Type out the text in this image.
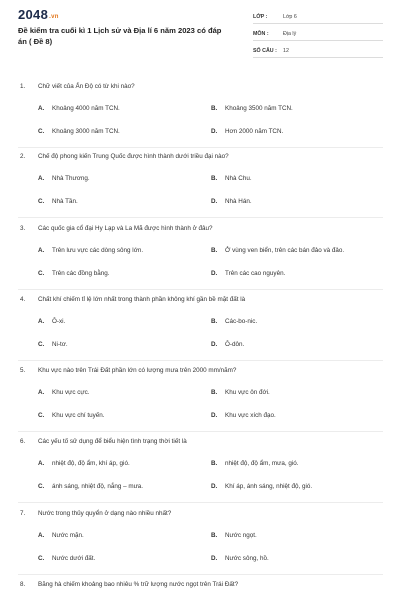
2048.vn
Đề kiểm tra cuối kì 1 Lịch sử và Địa lí 6 năm 2023 có đáp án ( Đề 8)
LỚP :	Lớp 6
MÔN :	Địa lý
SỐ CÂU :	12
1. Chữ viết của Ấn Độ có từ khi nào?
A. Khoảng 4000 năm TCN.	B. Khoảng 3500 năm TCN.
C. Khoảng 3000 năm TCN.	D. Hơn 2000 năm TCN.
2. Chế độ phong kiến Trung Quốc được hình thành dưới triều đại nào?
A. Nhà Thương.	B. Nhà Chu.
C. Nhà Tần.	D. Nhà Hán.
3. Các quốc gia cổ đại Hy Lạp và La Mã được hình thành ở đâu?
A. Trên lưu vực các dòng sông lớn.	B. Ở vùng ven biển, trên các bán đảo và đảo.
C. Trên các đồng bằng.	D. Trên các cao nguyên.
4. Chất khí chiếm tỉ lệ lớn nhất trong thành phần không khí gần bề mặt đất là
A. Ô-xi.	B. Các-bo-nic.
C. Ni-tơ.	D. Ô-dôn.
5. Khu vực nào trên Trái Đất phần lớn có lượng mưa trên 2000 mm/năm?
A. Khu vực cực.	B. Khu vực ôn đới.
C. Khu vực chí tuyến.	D. Khu vực xích đạo.
6. Các yếu tố sử dụng để biểu hiện tình trạng thời tiết là
A. nhiệt độ, độ ẩm, khí áp, gió.	B. nhiệt độ, độ ẩm, mưa, gió.
C. ánh sáng, nhiệt độ, nắng – mưa.	D. Khí áp, ánh sáng, nhiệt độ, gió.
7. Nước trong thủy quyển ở dạng nào nhiều nhất?
A. Nước mặn.	B. Nước ngọt.
C. Nước dưới đất.	D. Nước sông, hồ.
8. Băng hà chiếm khoảng bao nhiêu % trữ lượng nước ngọt trên Trái Đất?
